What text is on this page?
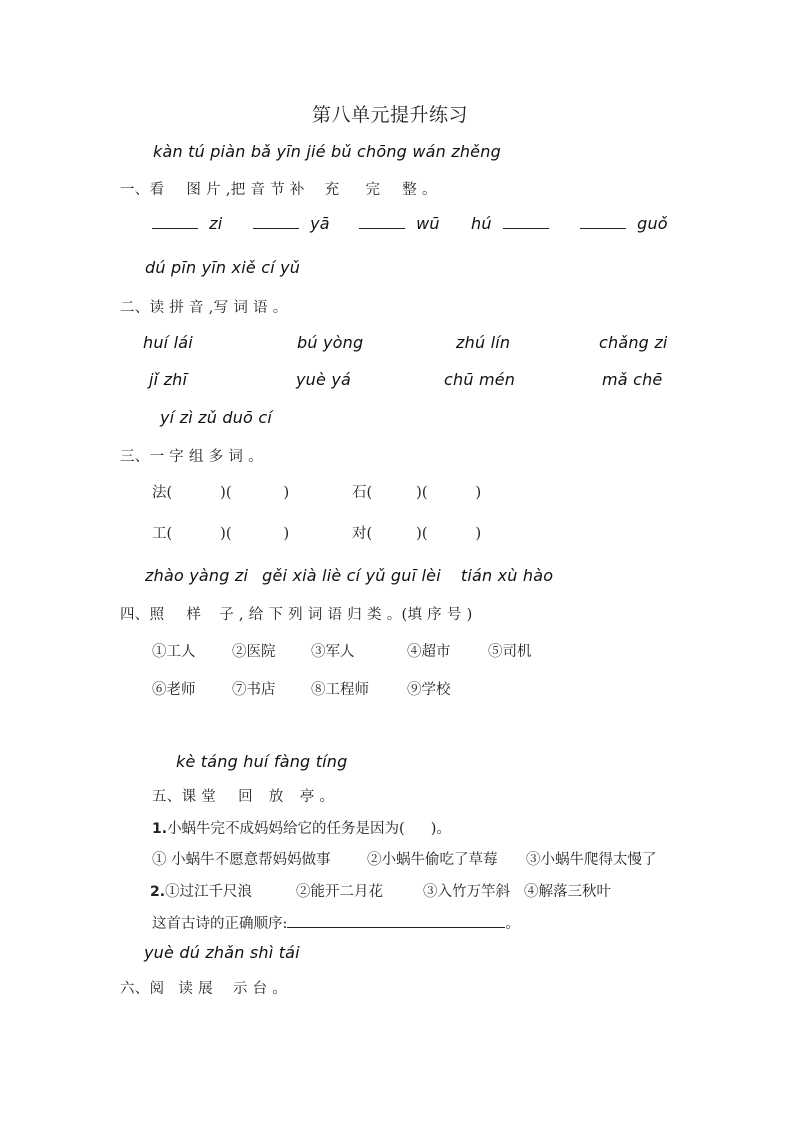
第八单元提升练习
kàn tú piàn bǎ yīn jié bǔ chōng wán zhěng
一、看 图 片 ,把 音 节 补 充 完 整 。
zi	yā	wū hú	guǒ
dú pīn yīn xiě cí yǔ
二、读 拼 音 ,写 词 语 。
huí lái	bú yòng	zhú lín	chǎng zi
jǐ zhī	yuè yá	chū mén	mǎ chē
yí zì zǔ duō cí
三、一 字 组 多 词 。
法(	)(	)	石(	)(	)
工(	)(	)	对(	)(	)
zhào yàng zi gěi xià liè cí yǔ guī lèi tián xù hào
四、照 样 子 , 给 下 列 词 语 归 类 。(填 序 号 )
①工人	②医院 ③军人	④超市	⑤司机
⑥老师	⑦书店 ⑧工程师	⑨学校
kè táng huí fàng tíng
五、课 堂 回 放 亭 。
1.小蜗牛完不成妈妈给它的任务是因为( )。
① 小蜗牛不愿意帮妈妈做事	②小蜗牛偷吃了草莓 ③小蜗牛爬得太慢了
2.①过江千尺浪	②能开二月花	③入竹万竿斜 ④解落三秋叶
这首古诗的正确顺序:	。
yuè dú zhǎn shì tái
六、阅 读 展 示 台 。
